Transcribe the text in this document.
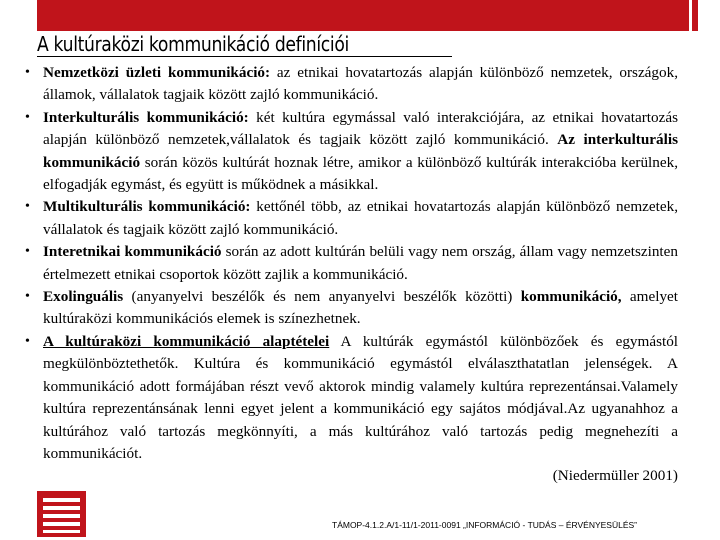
A kultúraközi kommunikáció definíciói
• Nemzetközi üzleti kommunikáció: az etnikai hovatartozás alapján különböző nemzetek, országok, államok, vállalatok tagjaik között zajló kommunikáció.
• Interkulturális kommunikáció: két kultúra egymással való interakciójára, az etnikai hovatartozás alapján különböző nemzetek,vállalatok és tagjaik között zajló kommunikáció. Az interkulturális kommunikáció során közös kultúrát hoznak létre, amikor a különböző kultúrák interakcióba kerülnek, elfogadják egymást, és együtt is működnek a másikkal.
• Multikulturális kommunikáció: kettőnél több, az etnikai hovatartozás alapján különböző nemzetek, vállalatok és tagjaik között zajló kommunikáció.
• Interetnikai kommunikáció során az adott kultúrán belüli vagy nem ország, állam vagy nemzetszinten értelmezett etnikai csoportok között zajlik a kommunikáció.
• Exolinguális (anyanyelvi beszélők és nem anyanyelvi beszélők közötti) kommunikáció, amelyet kultúraközi kommunikációs elemek is színezhetnek.
• A kultúraközi kommunikáció alaptételei A kultúrák egymástól különbözőek és egymástól megkülönböztethetők. Kultúra és kommunikáció egymástól elválaszthatatlan jelenségek. A kommunikáció adott formájában részt vevő aktorok mindig valamely kultúra reprezentánsai.Valamely kultúra reprezentánsának lenni egyet jelent a kommunikáció egy sajátos módjával.Az ugyanahhoz a kultúrához való tartozás megkönnyíti, a más kultúrához való tartozás pedig megnehezíti a kommunikációt.
(Niedermüller 2001)
TÁMOP-4.1.2.A/1-11/1-2011-0091 „INFORMÁCIÓ - TUDÁS – ÉRVÉNYESÜLÉS”
